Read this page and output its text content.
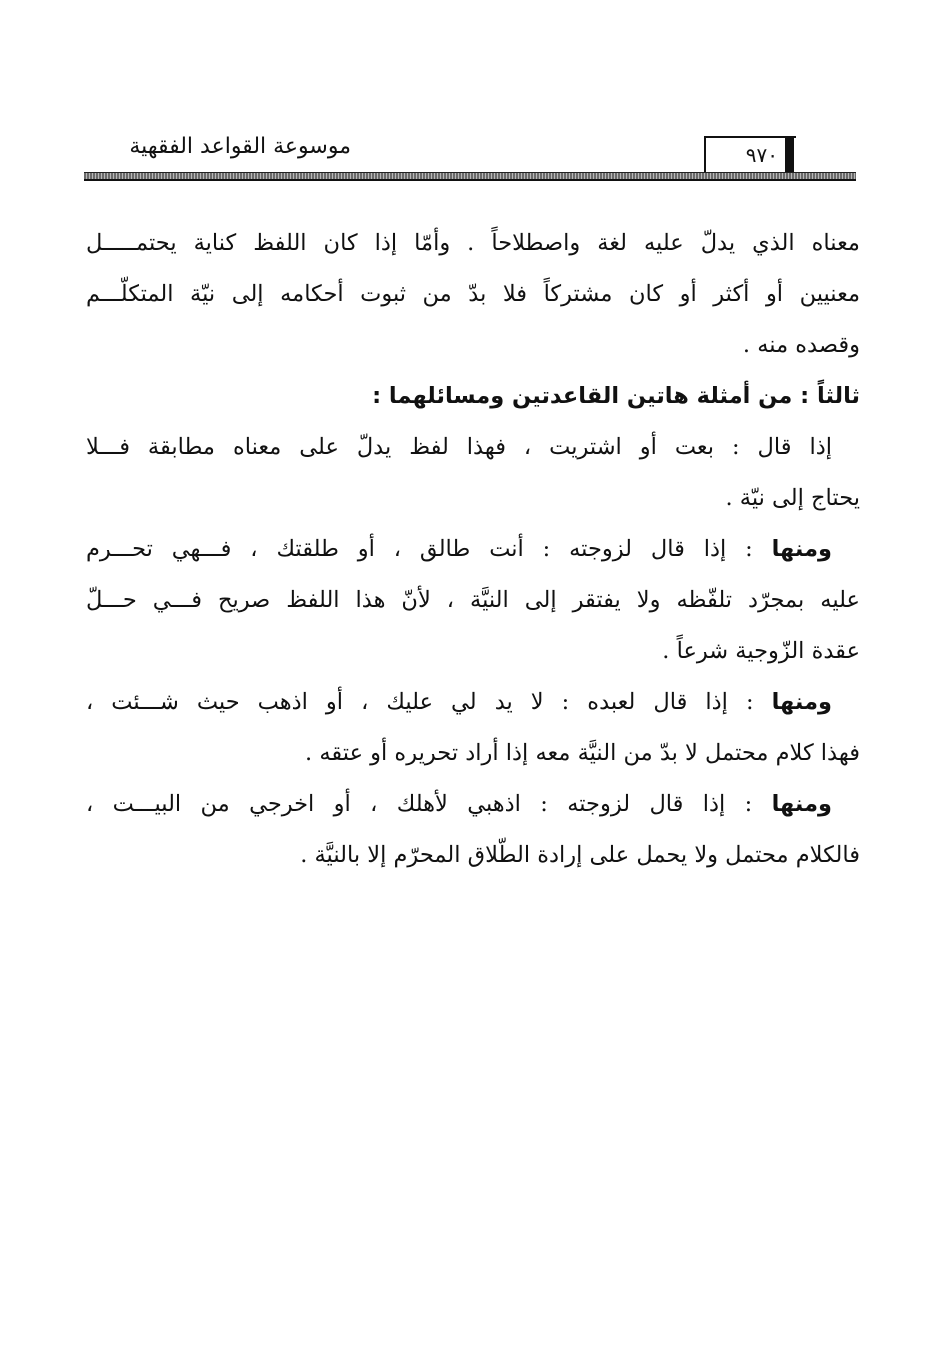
موسوعة القواعد الفقهية	٩٧٠

معناه الذي يدلّ عليه لغة واصطلاحاً . وأمّا إذا كان اللفظ كناية يحتمـــــل
معنيين أو أكثر أو كان مشتركاً فلا بدّ من ثبوت أحكامه إلى نيّة المتكلّـــم
وقصده منه .

ثالثاً : من أمثلة هاتين القاعدتين ومسائلهما :

إذا قال : بعت أو اشتريت ، فهذا لفظ يدلّ على معناه مطابقة فـــلا
يحتاج إلى نيّة .

ومنها : إذا قال لزوجته : أنت طالق ، أو طلقتك ، فـــهي تحـــرم
عليه بمجرّد تلفّظه ولا يفتقر إلى النيَّة ، لأنّ هذا اللفظ صريح فـــي حـــلّ
عقدة الزّوجية شرعاً .

ومنها : إذا قال لعبده : لا يد لي عليك ، أو اذهب حيث شـــئت ،
فهذا كلام محتمل لا بدّ من النيَّة معه إذا أراد تحريره أو عتقه .

ومنها : إذا قال لزوجته : اذهبي لأهلك ، أو اخرجي من البيـــت ،
فالكلام محتمل ولا يحمل على إرادة الطّلاق المحرّم إلا بالنيَّة .
